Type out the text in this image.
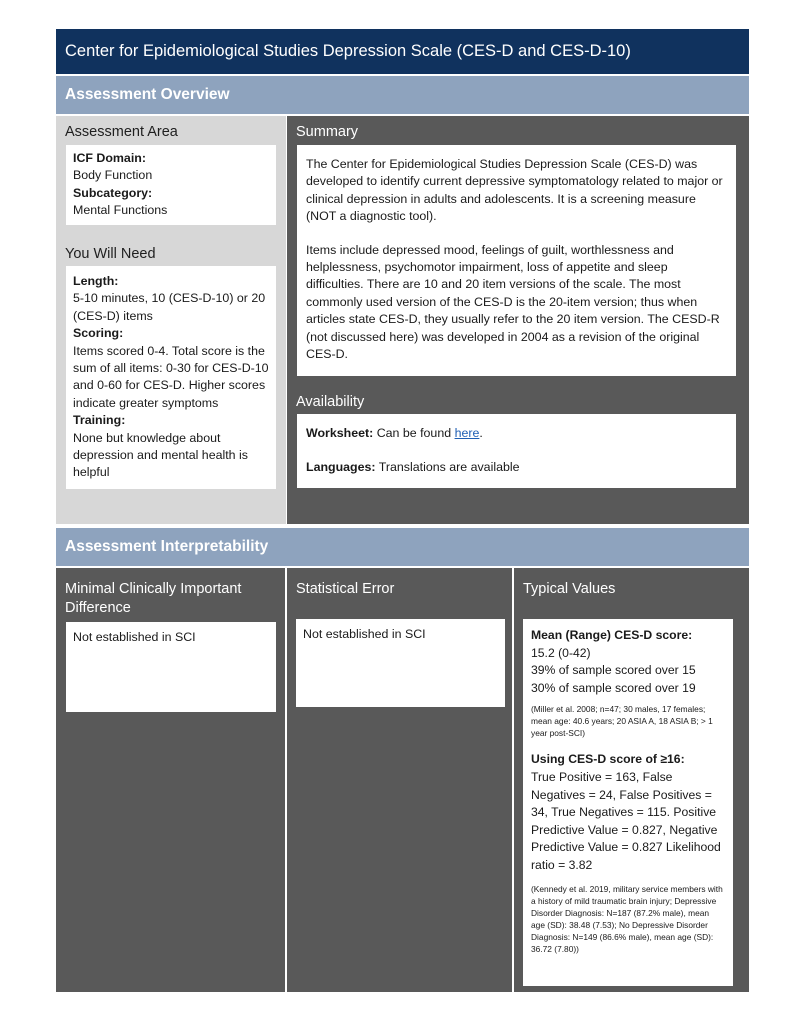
Center for Epidemiological Studies Depression Scale (CES-D and CES-D-10)
Assessment Overview
Assessment Area

ICF Domain:

Body Function

Subcategory:

Mental Functions

You Will Need

Length:

5-10 minutes, 10 (CES-D-10) or 20 (CES-D) items

Scoring:

Items scored 0-4. Total score is the sum of all items: 0-30 for CES-D-10 and 0-60 for CES-D. Higher scores indicate greater symptoms

Training:

None but knowledge about depression and mental health is helpful

Summary

The Center for Epidemiological Studies Depression Scale (CES-D) was developed to identify current depressive symptomatology related to major or clinical depression in adults and adolescents. It is a screening measure (NOT a diagnostic tool).

Items include depressed mood, feelings of guilt, worthlessness and helplessness, psychomotor impairment, loss of appetite and sleep difficulties. There are 10 and 20 item versions of the scale. The most commonly used version of the CES-D is the 20-item version; thus when articles state CES-D, they usually refer to the 20 item version. The CESD-R (not discussed here) was developed in 2004 as a revision of the original CES-D.

Availability

Worksheet: Can be found here.

Languages: Translations are available

Assessment Interpretability
Minimal Clinically Important Difference

Not established in SCI

Statistical Error

Not established in SCI

Typical Values

Mean (Range) CES-D score:

15.2 (0-42)

39% of sample scored over 15

30% of sample scored over 19

(Miller et al. 2008; n=47; 30 males, 17 females; mean age: 40.6 years; 20 ASIA A, 18 ASIA B; > 1 year post-SCI)

Using CES-D score of ≥16:

True Positive = 163, False Negatives = 24, False Positives = 34, True Negatives = 115. Positive Predictive Value = 0.827, Negative Predictive Value = 0.827 Likelihood ratio = 3.82

(Kennedy et al. 2019, military service members with a history of mild traumatic brain injury; Depressive Disorder Diagnosis: N=187 (87.2% male), mean age (SD): 38.48 (7.53); No Depressive Disorder Diagnosis: N=149 (86.6% male), mean age (SD): 36.72 (7.80))
